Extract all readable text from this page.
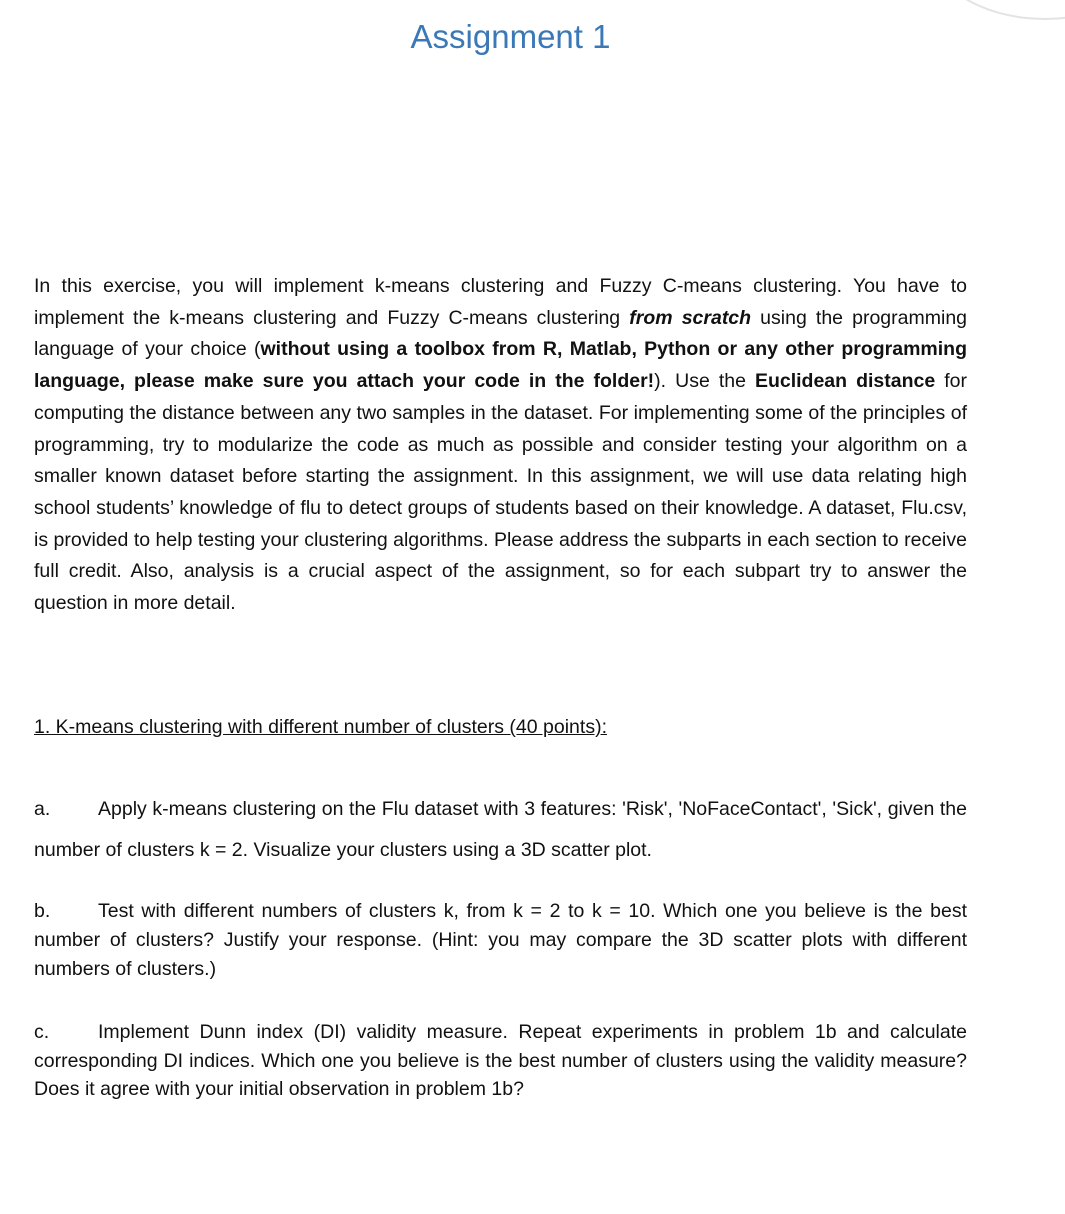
Assignment 1

In this exercise, you will implement k-means clustering and Fuzzy C-means clustering. You have to implement the k-means clustering and Fuzzy C-means clustering from scratch using the programming language of your choice (without using a toolbox from R, Matlab, Python or any other programming language, please make sure you attach your code in the folder!). Use the Euclidean distance for computing the distance between any two samples in the dataset. For implementing some of the principles of programming, try to modularize the code as much as possible and consider testing your algorithm on a smaller known dataset before starting the assignment. In this assignment, we will use data relating high school students’ knowledge of flu to detect groups of students based on their knowledge. A dataset, Flu.csv, is provided to help testing your clustering algorithms. Please address the subparts in each section to receive full credit. Also, analysis is a crucial aspect of the assignment, so for each subpart try to answer the question in more detail.

1. K-means clustering with different number of clusters (40 points):

a. Apply k-means clustering on the Flu dataset with 3 features: 'Risk', 'NoFaceContact', 'Sick', given the number of clusters k = 2. Visualize your clusters using a 3D scatter plot.

b. Test with different numbers of clusters k, from k = 2 to k = 10. Which one you believe is the best number of clusters? Justify your response. (Hint: you may compare the 3D scatter plots with different numbers of clusters.)

c.	Implement Dunn index (DI) validity measure. Repeat experiments in problem 1b and calculate corresponding DI indices. Which one you believe is the best number of clusters using the validity measure? Does it agree with your initial observation in problem 1b?
